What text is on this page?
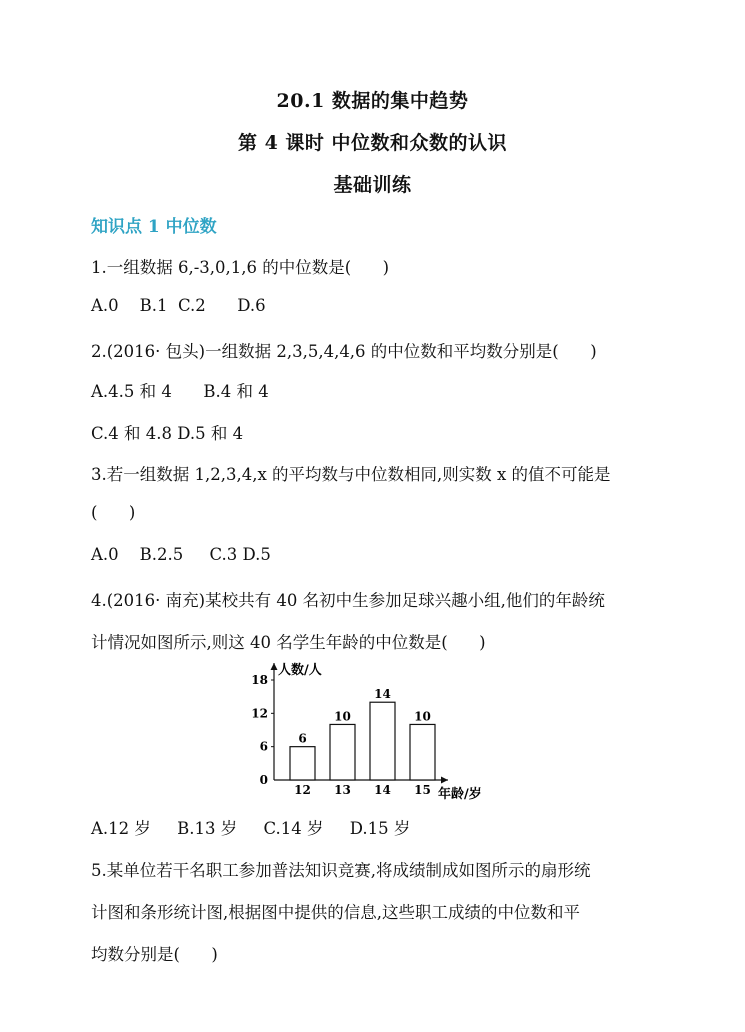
20.1 数据的集中趋势
第 4 课时 中位数和众数的认识
基础训练
知识点 1 中位数
1.一组数据 6,-3,0,1,6 的中位数是(      )
A.0    B.1  C.2      D.6
2.(2016· 包头)一组数据 2,3,5,4,4,6 的中位数和平均数分别是(      )
A.4.5 和 4      B.4 和 4
C.4 和 4.8 D.5 和 4
3.若一组数据 1,2,3,4,x 的平均数与中位数相同,则实数 x 的值不可能是
(      )
A.0    B.2.5     C.3 D.5
4.(2016· 南充)某校共有 40 名初中生参加足球兴趣小组,他们的年龄统
计情况如图所示,则这 40 名学生年龄的中位数是(      )
人数/人
年龄/岁
0
6
12
18
6
12
10
13
14
14
10
15
A.12 岁     B.13 岁     C.14 岁     D.15 岁
5.某单位若干名职工参加普法知识竞赛,将成绩制成如图所示的扇形统
计图和条形统计图,根据图中提供的信息,这些职工成绩的中位数和平
均数分别是(      )
